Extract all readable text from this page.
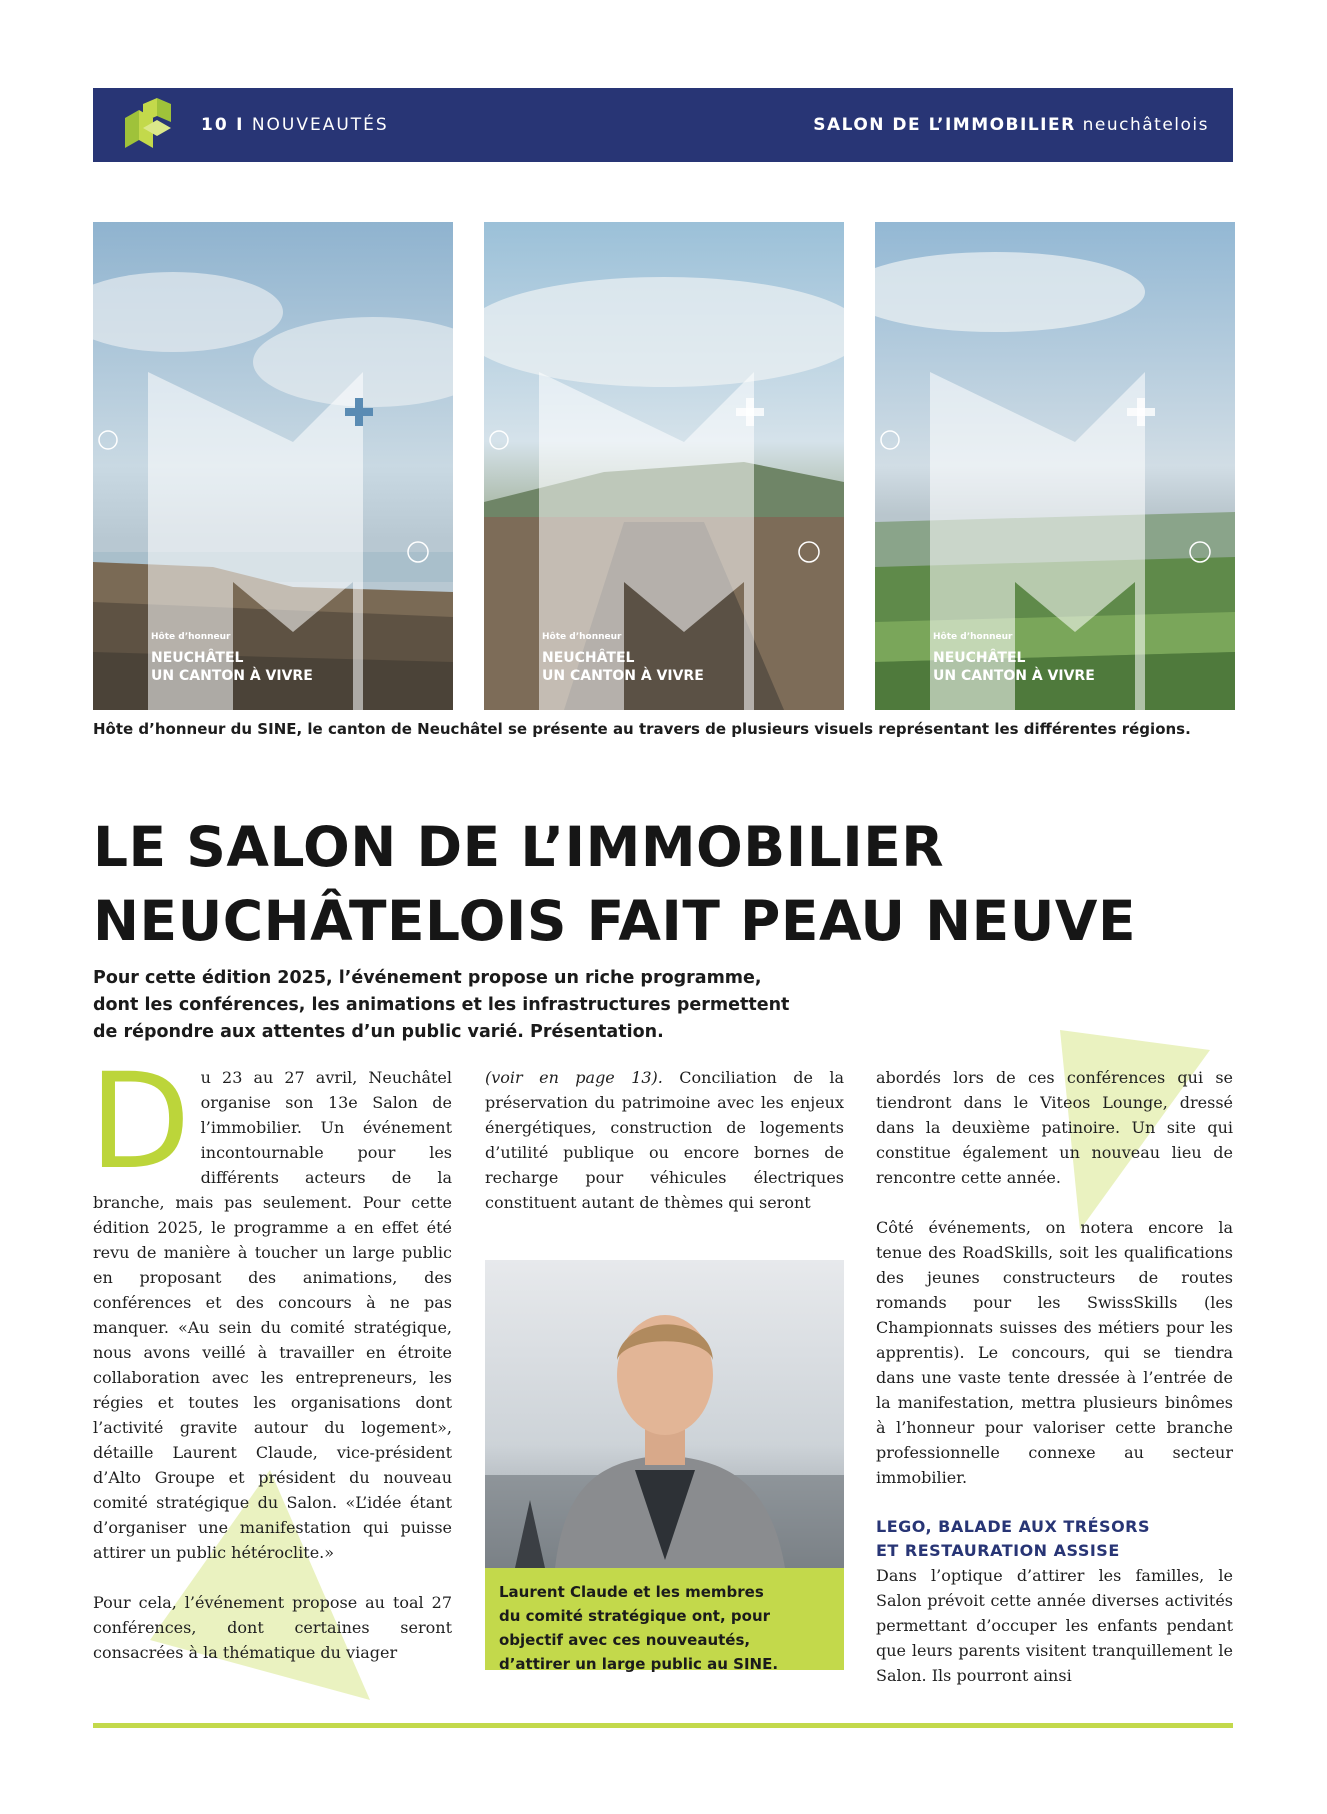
10 I NOUVEAUTÉS	SALON DE L’IMMOBILIER neuchâtelois
Hôte d’honneur
NEUCHÂTEL
UN CANTON À VIVRE
Hôte d’honneur
NEUCHÂTEL
UN CANTON À VIVRE
Hôte d’honneur
NEUCHÂTEL
UN CANTON À VIVRE
Hôte d’honneur du SINE, le canton de Neuchâtel se présente au travers de plusieurs visuels représentant les différentes régions.
LE SALON DE L’IMMOBILIER
NEUCHÂTELOIS FAIT PEAU NEUVE
Pour cette édition 2025, l’événement propose un riche programme,
dont les conférences, les animations et les infrastructures permettent
de répondre aux attentes d’un public varié. Présentation.

D u 23 au 27 avril, Neuchâtel organise son 13e Salon de l’immobilier. Un événement incontournable pour les différents acteurs de la branche, mais pas seulement. Pour cette édition 2025, le programme a en effet été revu de manière à toucher un large public en proposant des animations, des conférences et des concours à ne pas manquer. «Au sein du comité stratégique, nous avons veillé à travailler en étroite collaboration avec les entrepreneurs, les régies et toutes les organisations dont l’activité gravite autour du logement», détaille Laurent Claude, vice-président d’Alto Groupe et président du nouveau comité stratégique du Salon. «L’idée étant d’organiser une manifestation qui puisse attirer un public hétéroclite.»

Pour cela, l’événement propose au toal 27 conférences, dont certaines seront consacrées à la thématique du viager

(voir en page 13). Conciliation de la préservation du patrimoine avec les enjeux énergétiques, construction de logements d’utilité publique ou encore bornes de recharge pour véhicules électriques constituent autant de thèmes qui seront

Laurent Claude et les membres
du comité stratégique ont, pour
objectif avec ces nouveautés,
d’attirer un large public au SINE.

abordés lors de ces conférences qui se tiendront dans le Viteos Lounge, dressé dans la deuxième patinoire. Un site qui constitue également un nouveau lieu de rencontre cette année.

Côté événements, on notera encore la tenue des RoadSkills, soit les qualifications des jeunes constructeurs de routes romands pour les SwissSkills (les Championnats suisses des métiers pour les apprentis). Le concours, qui se tiendra dans une vaste tente dressée à l’entrée de la manifestation, mettra plusieurs binômes à l’honneur pour valoriser cette branche professionnelle connexe au secteur immobilier.

LEGO, BALADE AUX TRÉSORS
ET RESTAURATION ASSISE

Dans l’optique d’attirer les familles, le Salon prévoit cette année diverses activités permettant d’occuper les enfants pendant que leurs parents visitent tranquillement le Salon. Ils pourront ainsi
